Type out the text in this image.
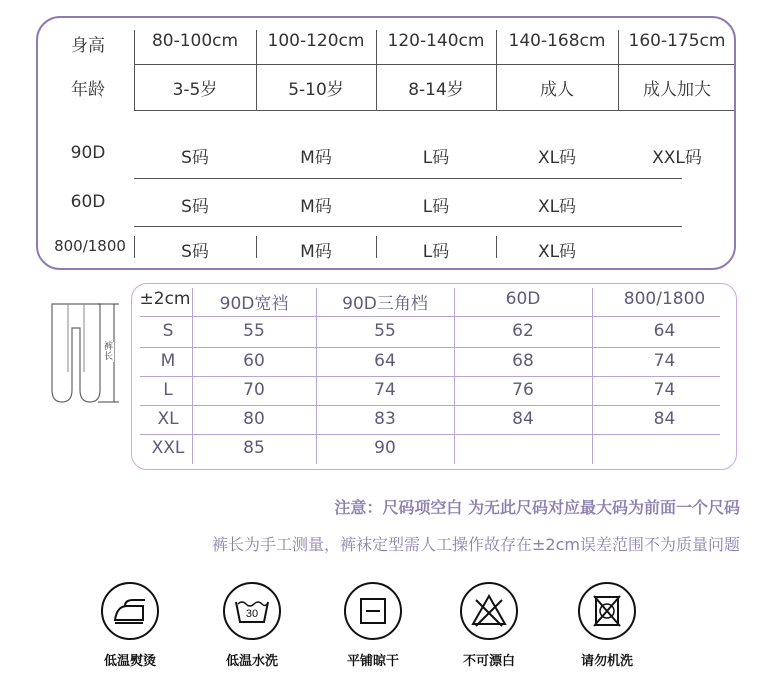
身高	80-100cm	100-120cm	120-140cm	140-168cm	160-175cm
年龄	3-5岁	5-10岁	8-14岁	成人	成人加大
90D	S码	M码	L码	XL码	XXL码
60D	S码	M码	L码	XL码
800/1800	S码	M码	L码	XL码
裤长
±2cm	90D宽裆	90D三角档	60D	800/1800
S	55	55	62	64
M	60	64	68	74
L	70	74	76	74
XL	80	83	84	84
XXL	85	90
注意：尺码项空白 为无此尺码对应最大码为前面一个尺码
裤长为手工测量，裤袜定型需人工操作故存在±2cm误差范围不为质量问题
低温熨烫
30
低温水洗	平铺晾干	不可漂白	请勿机洗
